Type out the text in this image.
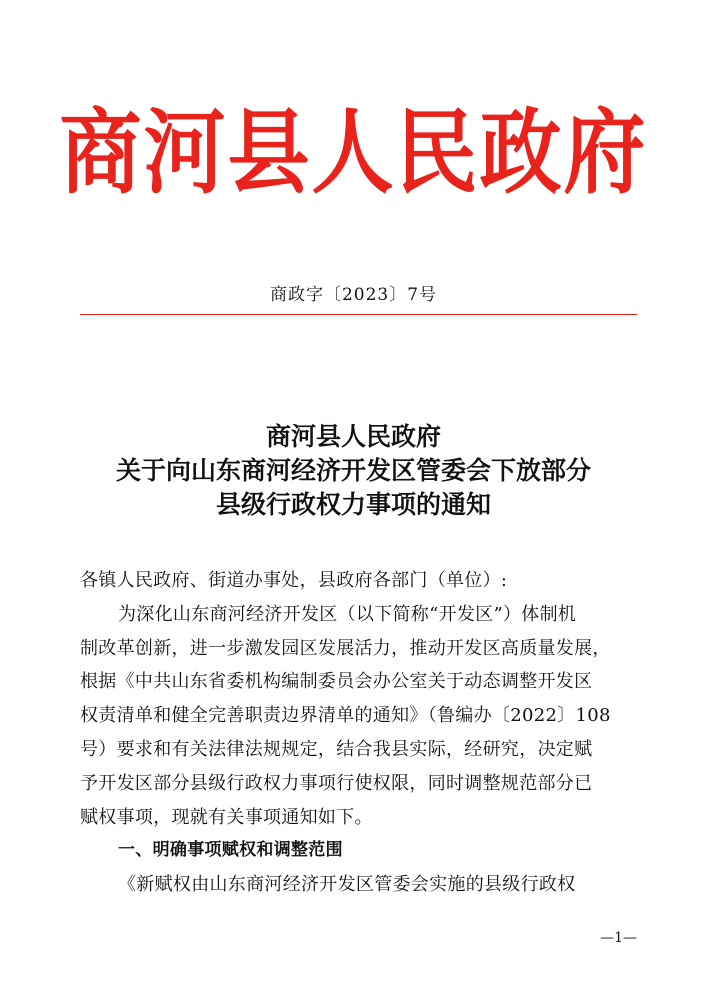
商河县人民政府
商政字〔2023〕7号
商河县人民政府
关于向山东商河经济开发区管委会下放部分
县级行政权力事项的通知

各镇人民政府、街道办事处，县政府各部门（单位）:

为深化山东商河经济开发区（以下简称“开发区”）体制机

制改革创新，进一步激发园区发展活力，推动开发区高质量发展，

根据《中共山东省委机构编制委员会办公室关于动态调整开发区

权责清单和健全完善职责边界清单的通知》（鲁编办〔2022〕108

号）要求和有关法律法规规定，结合我县实际，经研究，决定赋

予开发区部分县级行政权力事项行使权限，同时调整规范部分已

赋权事项，现就有关事项通知如下。

一、明确事项赋权和调整范围

《新赋权由山东商河经济开发区管委会实施的县级行政权

—1—
